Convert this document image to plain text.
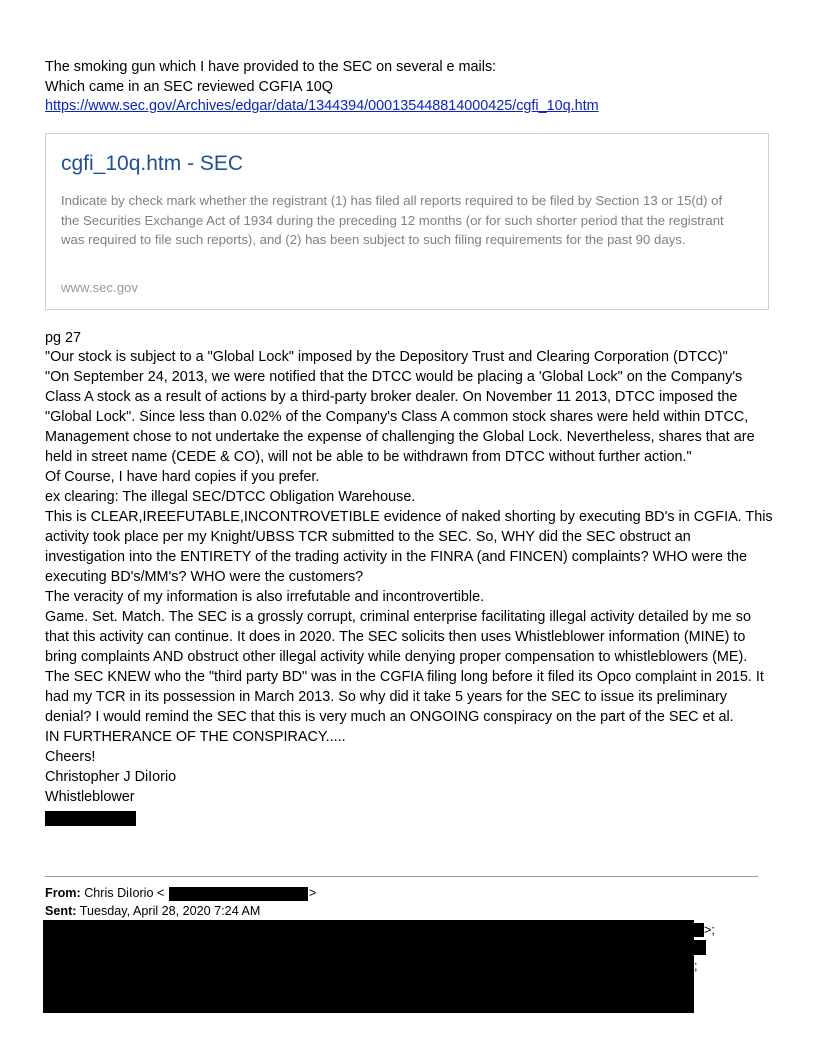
The smoking gun which I have provided to the SEC on several e mails:
Which came in an SEC reviewed CGFIA 10Q
https://www.sec.gov/Archives/edgar/data/1344394/000135448814000425/cgfi_10q.htm
cgfi_10q.htm - SEC
Indicate by check mark whether the registrant (1) has filed all reports required to be filed by Section 13 or 15(d) of the Securities Exchange Act of 1934 during the preceding 12 months (or for such shorter period that the registrant was required to file such reports), and (2) has been subject to such filing requirements for the past 90 days.
www.sec.gov
pg 27
"Our stock is subject to a "Global Lock" imposed by the Depository Trust and Clearing Corporation (DTCC)"
"On September 24, 2013, we were notified that the DTCC would be placing a 'Global Lock" on the Company's
Class A stock as a result of actions by a third-party broker dealer. On November 11 2013, DTCC imposed the
"Global Lock". Since less than 0.02% of the Company's Class A common stock shares were held within DTCC,
Management chose to not undertake the expense of challenging the Global Lock. Nevertheless, shares that are
held in street name (CEDE & CO), will not be able to be withdrawn from DTCC without further action."
Of Course, I have hard copies if you prefer.
ex clearing: The illegal SEC/DTCC Obligation Warehouse.
This is CLEAR,IREEFUTABLE,INCONTROVETIBLE evidence of naked shorting by executing BD's in CGFIA. This
activity took place per my Knight/UBSS TCR submitted to the SEC. So, WHY did the SEC obstruct an
investigation into the ENTIRETY of the trading activity in the FINRA (and FINCEN) complaints? WHO were the
executing BD's/MM's? WHO were the customers?
The veracity of my information is also irrefutable and incontrovertible.
Game. Set. Match. The SEC is a grossly corrupt, criminal enterprise facilitating illegal activity detailed by me so
that this activity can continue. It does in 2020. The SEC solicits then uses Whistleblower information (MINE) to
bring complaints AND obstruct other illegal activity while denying proper compensation to whistleblowers (ME).
The SEC KNEW who the "third party BD" was in the CGFIA filing long before it filed its Opco complaint in 2015. It
had my TCR in its possession in March 2013. So why did it take 5 years for the SEC to issue its preliminary
denial? I would remind the SEC that this is very much an ONGOING conspiracy on the part of the SEC et al.
IN FURTHERANCE OF THE CONSPIRACY.....
Cheers!
Christopher J DiIorio
Whistleblower
From: Chris DiIorio <	>
Sent: Tuesday, April 28, 2020 7:24 AM
>;
;
